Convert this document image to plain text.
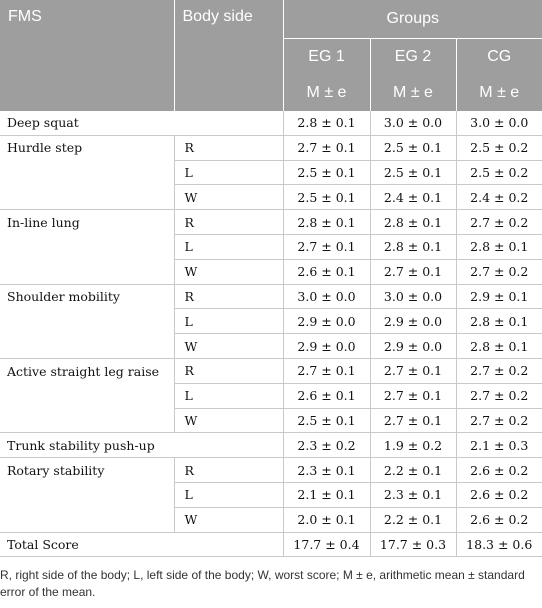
FMS	Body side	Groups		
		EG 1	EG 2	CG
		M ± e	M ± e	M ± e
Deep squat		2.8 ± 0.1	3.0 ± 0.0	3.0 ± 0.0
Hurdle step	R	2.7 ± 0.1	2.5 ± 0.1	2.5 ± 0.2
	L	2.5 ± 0.1	2.5 ± 0.1	2.5 ± 0.2
	W	2.5 ± 0.1	2.4 ± 0.1	2.4 ± 0.2
In-line lung	R	2.8 ± 0.1	2.8 ± 0.1	2.7 ± 0.2
	L	2.7 ± 0.1	2.8 ± 0.1	2.8 ± 0.1
	W	2.6 ± 0.1	2.7 ± 0.1	2.7 ± 0.2
Shoulder mobility	R	3.0 ± 0.0	3.0 ± 0.0	2.9 ± 0.1
	L	2.9 ± 0.0	2.9 ± 0.0	2.8 ± 0.1
	W	2.9 ± 0.0	2.9 ± 0.0	2.8 ± 0.1
Active straight leg raise	R	2.7 ± 0.1	2.7 ± 0.1	2.7 ± 0.2
	L	2.6 ± 0.1	2.7 ± 0.1	2.7 ± 0.2
	W	2.5 ± 0.1	2.7 ± 0.1	2.7 ± 0.2
Trunk stability push-up		2.3 ± 0.2	1.9 ± 0.2	2.1 ± 0.3
Rotary stability	R	2.3 ± 0.1	2.2 ± 0.1	2.6 ± 0.2
	L	2.1 ± 0.1	2.3 ± 0.1	2.6 ± 0.2
	W	2.0 ± 0.1	2.2 ± 0.1	2.6 ± 0.2
Total Score		17.7 ± 0.4	17.7 ± 0.3	18.3 ± 0.6
R, right side of the body; L, left side of the body; W, worst score; M ± e, arithmetic mean ± standard error of the mean.
